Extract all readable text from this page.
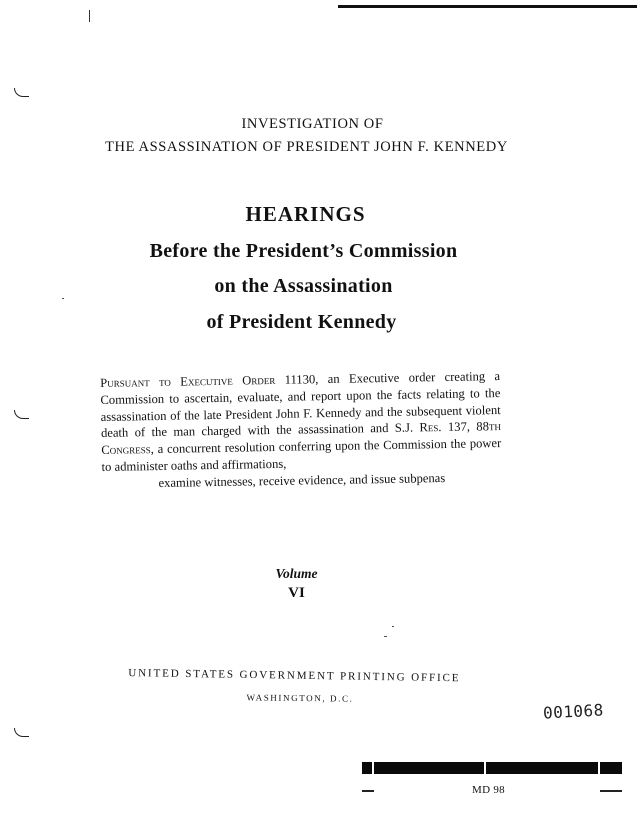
INVESTIGATION OF
THE ASSASSINATION OF PRESIDENT JOHN F. KENNEDY
HEARINGS
Before the President’s Commission
on the Assassination
of President Kennedy
Pursuant to Executive Order 11130, an Executive order creating a Commission to ascertain, evaluate, and report upon the facts relating to the assassination of the late President John F. Kennedy and the subsequent violent death of the man charged with the assassination and S.J. Res. 137, 88th Congress, a concurrent resolution conferring upon the Commission the power to administer oaths and affirmations,
examine witnesses, receive evidence, and issue subpenas
Volume
VI
UNITED STATES GOVERNMENT PRINTING OFFICE
WASHINGTON, D.C.
001068
MD 98
